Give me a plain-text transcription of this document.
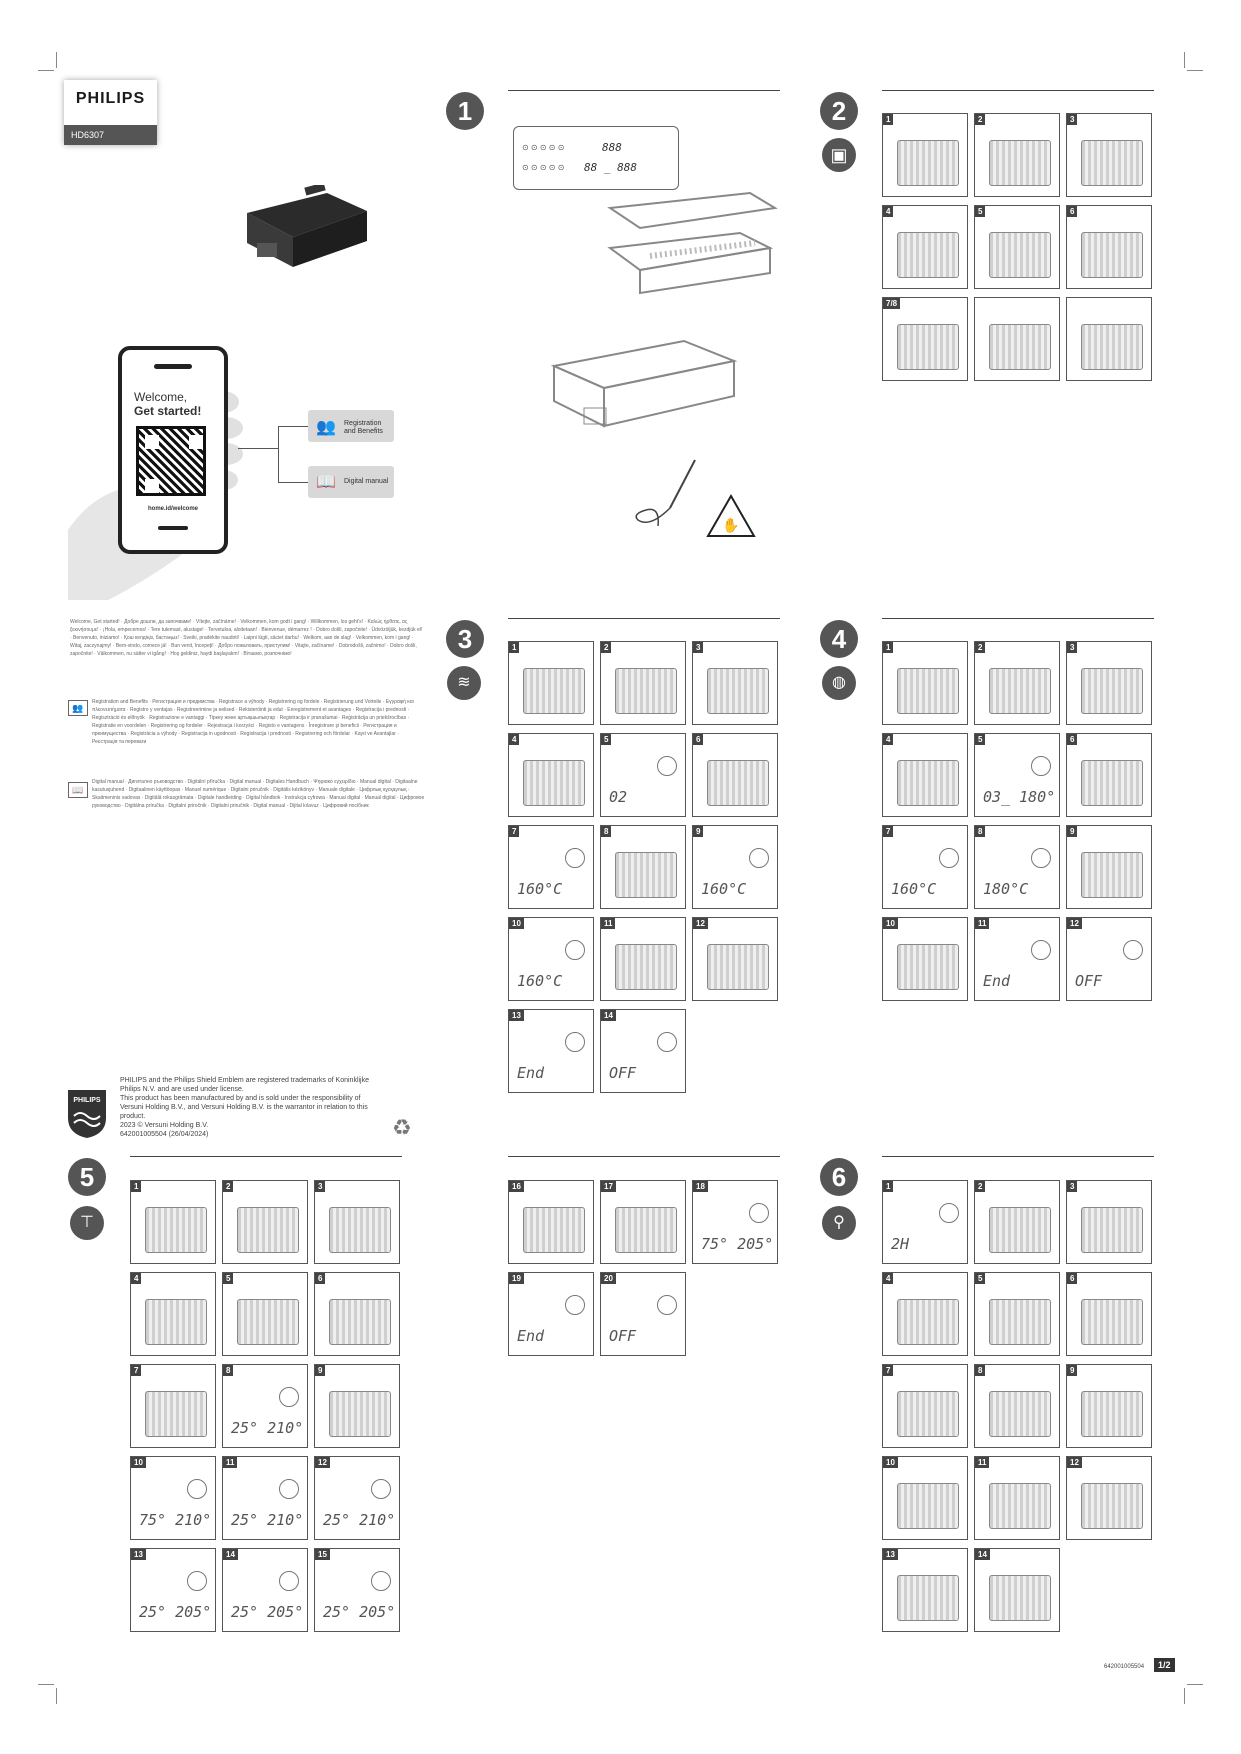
PHILIPS
HD6307
Welcome,
Get started!
home.id/welcome
👥 Registration and Benefits
📖 Digital manual
Welcome, Get started! · Добре дошли, да започваме! · Vítejte, začínáme! · Velkommen, kom godt i gang! · Willkommen, los geht's! · Καλώς ήρθατε, ας ξεκινήσουμε! · ¡Hola, empecemos! · Tere tulemast, alustage! · Tervetuloa, aloitetaan! · Bienvenue, démarrez ! · Dobro došli, započnite! · Üdvözöljük, kezdjük el! · Benvenuto, iniziamo! · Қош келдіңіз, бастаңыз! · Sveiki, pradėkite naudoti! · Laipni lūgti, sāciet darbu! · Welkom, aan de slag! · Velkommen, kom i gang! · Witaj, zaczynajmy! · Bem-vindo, comece já! · Bun venit, începeţi! · Добро пожаловать, приступим! · Vitajte, začíname! · Dobrodošli, začnimo! · Dobro došli, započnite! · Välkommen, nu sätter vi igång! · Hoş geldiniz, haydi başlayalım! · Вітаємо, розпочнімо!
👥
Registration and Benefits · Регистрация и предимства · Registrace a výhody · Registrering og fordele · Registrierung und Vorteile · Εγγραφή και πλεονεκτήματα · Registro y ventajas · Registreerimine ja eelised · Rekisteröinti ja edut · Enregistrement et avantages · Registracija i prednosti · Regisztráció és előnyök · Registrazione e vantaggi · Тіркеу және артықшылықтар · Registracija ir pranašumai · Reģistrācija un priekšrocības · Registratie en voordelen · Registrering og fordeler · Rejestracja i korzyści · Registo e vantagens · Înregistrare şi beneficii · Регистрация и преимущества · Registrácia a výhody · Registracija in ugodnosti · Registracija i prednosti · Registrering och fördelar · Kayıt ve Avantajlar · Реєстрація та переваги
📖
Digital manual · Дигитално ръководство · Digitální příručka · Digital manual · Digitales Handbuch · Ψηφιακό εγχειρίδιο · Manual digital · Digitaalne kasutusjuhend · Digitaalinen käyttöopas · Manuel numérique · Digitalni priručnik · Digitális kézikönyv · Manuale digitale · Цифрлық нұсқаулық · Skaitmeninis vadovas · Digitālā rokasgrāmata · Digitale handleiding · Digital håndbok · Instrukcja cyfrowa · Manual digital · Manual digital · Цифровое руководство · Digitálna príručka · Digitalni priročnik · Digitalni priručnik · Digital manual · Dijital kılavuz · Цифровий посібник
PHILIPS
PHILIPS and the Philips Shield Emblem are registered trademarks of Koninklijke Philips N.V. and are used under license.
This product has been manufactured by and is sold under the responsibility of Versuni Holding B.V., and Versuni Holding B.V. is the warrantor in relation to this product.
2023 © Versuni Holding B.V.
642001005504 (26/04/2024)	♻
1
⊙ ⊙ ⊙ ⊙ ⊙	888
⊙ ⊙ ⊙ ⊙ ⊙ 88 _ 888
✋
2
▣
1	2	3
4	5	6
7/8
3
≋
1	2	3
4	5
02
6
7
160°C
8	9
160°C
10
160°C
11	12
13
End
14
OFF
4
◍
1	2	3
4	5
03_ 180°
6
7
160°C
8
180°C
9
10	11
End
12
OFF
5
⊤
1	2	3
4	5	6
7	8
25° 210°
9
10
75° 210°
11
25° 210°
12
25° 210°
13
25° 205°
14
25° 205°
15
25° 205°
16	17	18
75° 205°
19
End
20
OFF
6
⚲
1
2H
2	3
4	5	6
7	8	9
10	11	12
13	14
642001005504	1/2
